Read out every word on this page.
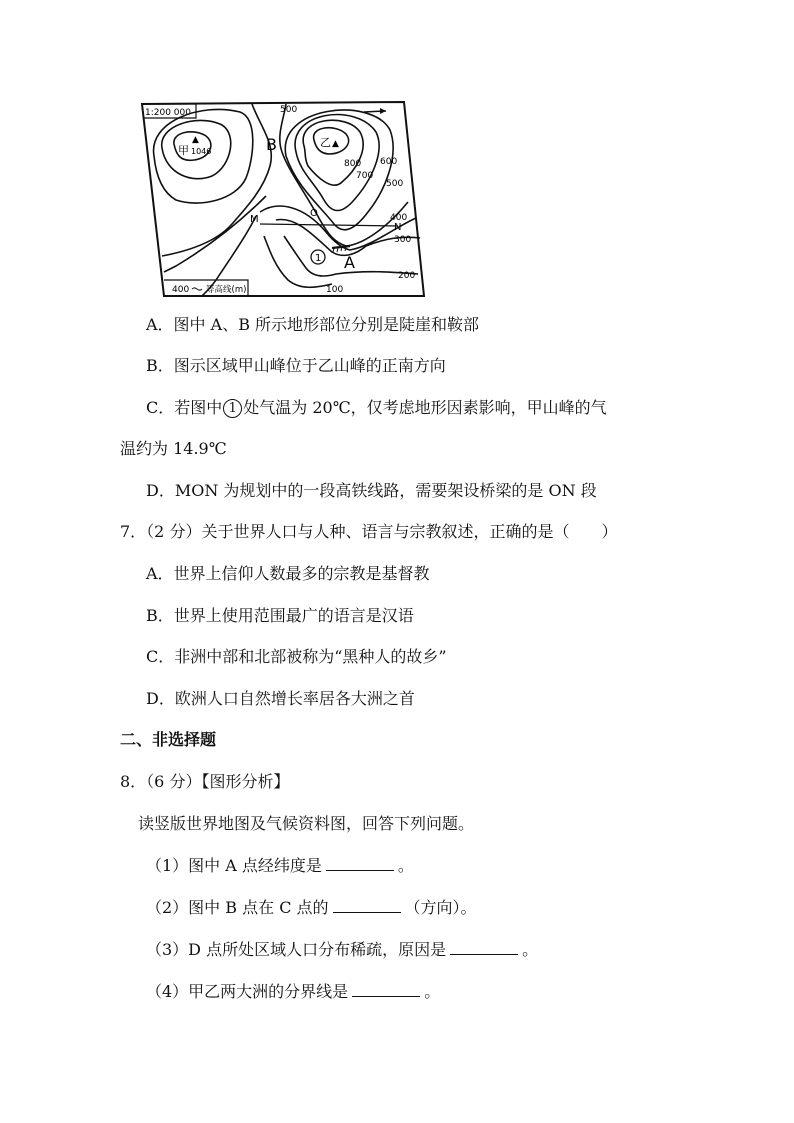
1:200 000
400 等高线(m)
甲
▲
1046
乙 ▲
B
A
M
O
N
1
500
800
700
600
500
400
300
200
100
A．图中 A、B 所示地形部位分别是陡崖和鞍部
B．图示区域甲山峰位于乙山峰的正南方向
C．若图中 1 处气温为 20℃，仅考虑地形因素影响，甲山峰的气
温约为 14.9℃
D．MON 为规划中的一段高铁线路，需要架设桥梁的是 ON 段
7．（2 分）关于世界人口与人种、语言与宗教叙述，正确的是（　　）
A．世界上信仰人数最多的宗教是基督教
B．世界上使用范围最广的语言是汉语
C．非洲中部和北部被称为“黑种人的故乡”
D．欧洲人口自然增长率居各大洲之首
二、非选择题
8．（6 分）【图形分析】
读竖版世界地图及气候资料图，回答下列问题。
（1）图中 A 点经纬度是	。
（2）图中 B 点在 C 点的	（方向）。
（3）D 点所处区域人口分布稀疏，原因是	。
（4）甲乙两大洲的分界线是	。
